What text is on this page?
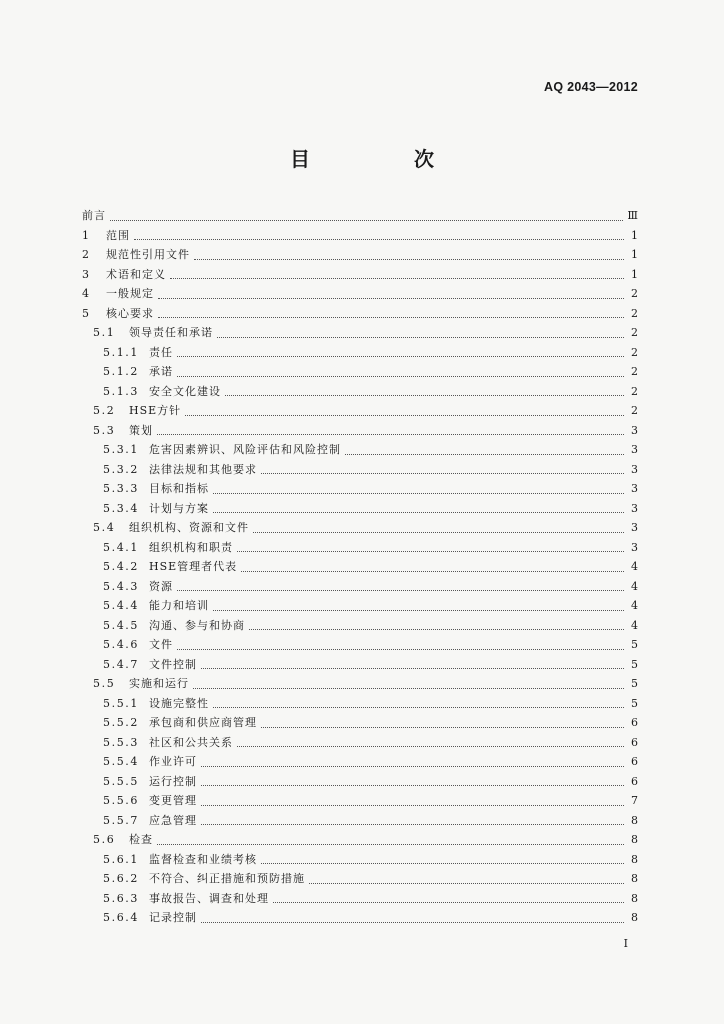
AQ 2043—2012
目　次
前言	Ⅲ
1	范围	1
2	规范性引用文件	1
3	术语和定义	1
4	一般规定	2
5	核心要求	2
5.1	领导责任和承诺	2
5.1.1 责任	2
5.1.2 承诺	2
5.1.3 安全文化建设	2
5.2	HSE方针	2
5.3	策划	3
5.3.1 危害因素辨识、风险评估和风险控制	3
5.3.2 法律法规和其他要求	3
5.3.3 目标和指标	3
5.3.4 计划与方案	3
5.4	组织机构、资源和文件	3
5.4.1 组织机构和职责	3
5.4.2 HSE管理者代表	4
5.4.3 资源	4
5.4.4 能力和培训	4
5.4.5 沟通、参与和协商	4
5.4.6 文件	5
5.4.7 文件控制	5
5.5	实施和运行	5
5.5.1 设施完整性	5
5.5.2 承包商和供应商管理	6
5.5.3 社区和公共关系	6
5.5.4 作业许可	6
5.5.5 运行控制	6
5.5.6 变更管理	7
5.5.7 应急管理	8
5.6	检查	8
5.6.1 监督检查和业绩考核	8
5.6.2 不符合、纠正措施和预防措施	8
5.6.3 事故报告、调查和处理	8
5.6.4 记录控制	8
I
